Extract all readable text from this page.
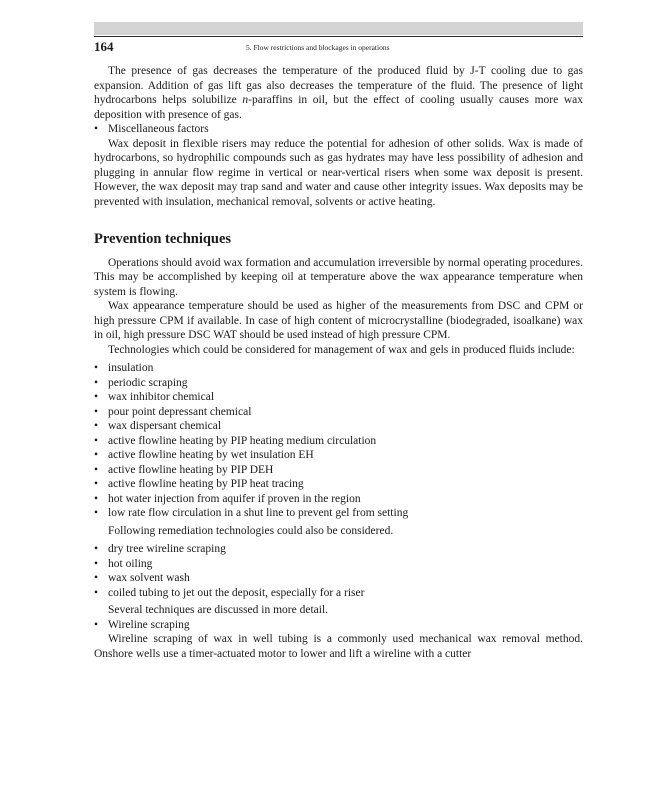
164	5. Flow restrictions and blockages in operations

The presence of gas decreases the temperature of the produced fluid by J-T cooling due to gas expansion. Addition of gas lift gas also decreases the temperature of the fluid. The presence of light hydrocarbons helps solubilize n-paraffins in oil, but the effect of cooling usually causes more wax deposition with presence of gas.

• Miscellaneous factors

Wax deposit in flexible risers may reduce the potential for adhesion of other solids. Wax is made of hydrocarbons, so hydrophilic compounds such as gas hydrates may have less possibility of adhesion and plugging in annular flow regime in vertical or near-vertical risers when some wax deposit is present. However, the wax deposit may trap sand and water and cause other integrity issues. Wax deposits may be prevented with insulation, mechanical removal, solvents or active heating.

Prevention techniques

Operations should avoid wax formation and accumulation irreversible by normal operating procedures. This may be accomplished by keeping oil at temperature above the wax appearance temperature when system is flowing.

Wax appearance temperature should be used as higher of the measurements from DSC and CPM or high pressure CPM if available. In case of high content of microcrystalline (biodegraded, isoalkane) wax in oil, high pressure DSC WAT should be used instead of high pressure CPM.

Technologies which could be considered for management of wax and gels in produced fluids include:

• insulation
• periodic scraping
• wax inhibitor chemical
• pour point depressant chemical
• wax dispersant chemical
• active flowline heating by PIP heating medium circulation
• active flowline heating by wet insulation EH
• active flowline heating by PIP DEH
• active flowline heating by PIP heat tracing
• hot water injection from aquifer if proven in the region
• low rate flow circulation in a shut line to prevent gel from setting

Following remediation technologies could also be considered.

• dry tree wireline scraping
• hot oiling
• wax solvent wash
• coiled tubing to jet out the deposit, especially for a riser

Several techniques are discussed in more detail.

• Wireline scraping

Wireline scraping of wax in well tubing is a commonly used mechanical wax removal method. Onshore wells use a timer-actuated motor to lower and lift a wireline with a cutter
